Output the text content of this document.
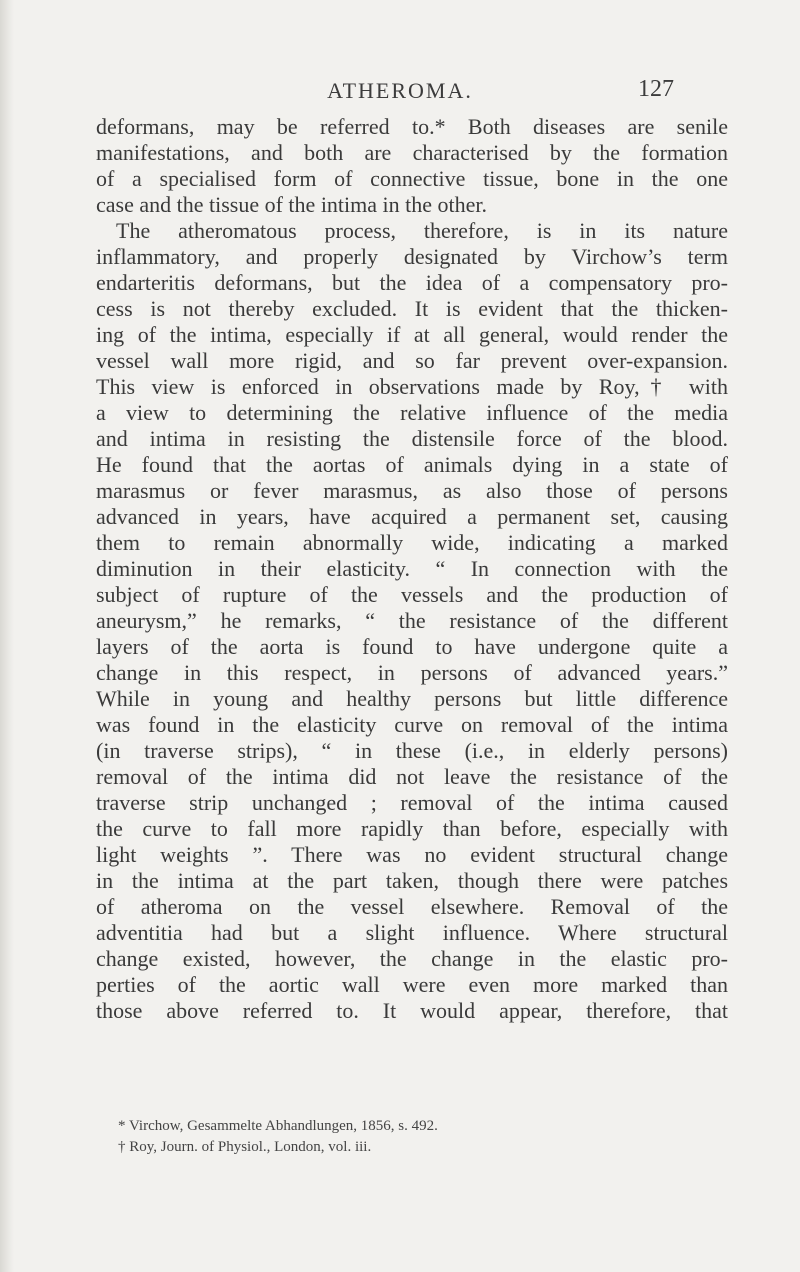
ATHEROMA.	127
deformans, may be referred to.* Both diseases are senile
manifestations, and both are characterised by the formation
of a specialised form of connective tissue, bone in the one
case and the tissue of the intima in the other.
The atheromatous process, therefore, is in its nature
inflammatory, and properly designated by Virchow’s term
endarteritis deformans, but the idea of a compensatory pro-
cess is not thereby excluded. It is evident that the thicken-
ing of the intima, especially if at all general, would render the
vessel wall more rigid, and so far prevent over-expansion.
This view is enforced in observations made by Roy,† with
a view to determining the relative influence of the media
and intima in resisting the distensile force of the blood.
He found that the aortas of animals dying in a state of
marasmus or fever marasmus, as also those of persons
advanced in years, have acquired a permanent set, causing
them to remain abnormally wide, indicating a marked
diminution in their elasticity. “ In connection with the
subject of rupture of the vessels and the production of
aneurysm,” he remarks, “ the resistance of the different
layers of the aorta is found to have undergone quite a
change in this respect, in persons of advanced years.”
While in young and healthy persons but little difference
was found in the elasticity curve on removal of the intima
(in traverse strips), “ in these (i.e., in elderly persons)
removal of the intima did not leave the resistance of the
traverse strip unchanged ; removal of the intima caused
the curve to fall more rapidly than before, especially with
light weights ”. There was no evident structural change
in the intima at the part taken, though there were patches
of atheroma on the vessel elsewhere. Removal of the
adventitia had but a slight influence. Where structural
change existed, however, the change in the elastic pro-
perties of the aortic wall were even more marked than
those above referred to. It would appear, therefore, that
* Virchow, Gesammelte Abhandlungen, 1856, s. 492.
† Roy, Journ. of Physiol., London, vol. iii.
